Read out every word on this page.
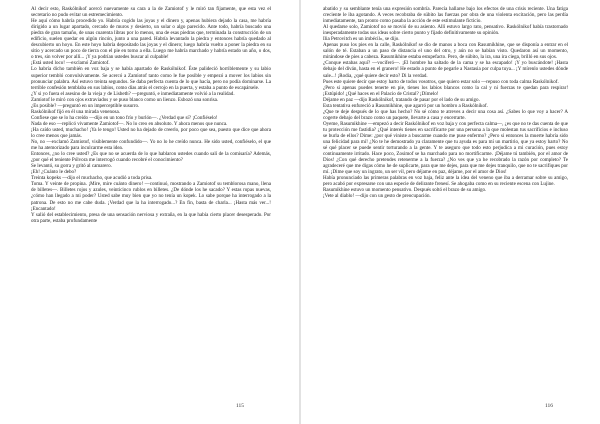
Al decir esto, Raskólnikof acercó nuevamente su cara a la de Zamiotof y le miró tan fijamente, que esta vez el secretario no pudo evitar un estremecimiento.

He aquí cómo habría procedido yo. Habría cogido las joyas y el dinero y, apenas hubiera dejado la casa, me habría dirigido a un lugar apartado, cercado de muros y desierto, un solar o algo parecido. Ante todo, habría buscado una piedra de gran tamaño, de unas cuarenta libras por lo menos, una de esas piedras que, terminada la construcción de un edificio, suelen quedar en algún rincón, junto a una pared. Habría levantado la piedra y entonces habría quedado al descubierto un hoyo. En este hoyo habría depositado las joyas y el dinero; luego habría vuelto a poner la piedra en su sitio y acercado un poco de tierra con el pie en torno a ella. Luego me habría marchado y habría estado un año, o dos, o tres, sin volver por allí... ¡Y ya podrían ustedes buscar al culpable!

¡Está usted loco! —exclamó Zamiotof.

Lo habría dicho también en voz baja y se había apartado de Raskólnikof. Éste palideció horriblemente y su labio superior tembló convulsivamente. Se acercó a Zamiotof tanto como le fue posible y empezó a mover los labios sin pronunciar palabra. Así estuvo treinta segundos. Se daba perfecta cuenta de lo que hacía, pero no podía dominarse. La terrible confesión temblaba en sus labios, como días atrás el cerrojo en la puerta, y estaba a punto de escapársele.

¿Y si yo fuera el asesino de la vieja y de Lisbeth? —preguntó, e inmediatamente volvió a la realidad.

Zamiotof le miró con ojos extraviados y se puso blanco como un lienzo. Esbozó una sonrisa.

¿Es posible? —preguntó en un imperceptible susurro.

Raskólnikof fijó en él una mirada venenosa.

Confiese que se lo ha creído —dijo en un tono frío y burlón—. ¿Verdad que sí? ¡Confiéselo!

Nada de eso —replicó vivamente Zamiotof—. No lo creo en absoluto. Y ahora menos que nunca.

¡Ha caído usted, muchacho! ¡Ya le tengo! Usted no ha dejado de creerlo, por poco que sea, puesto que dice que ahora lo cree menos que jamás.

No, no —exclamó Zamiotof, visiblemente confundido—. Yo no lo he creído nunca. He sido usted, confiéselo, el que me ha atemorizado para inculcarme esta idea.

Entonces, ¿no lo cree usted? ¿Es que no se acuerda de lo que hablaron ustedes cuando salí de la comisaría? Además, ¿por qué el teniente Pólvora me interrogó cuando recobré el conocimiento?

Se levantó, su gorra y gritó al camarero.

¡Eh! ¿Cuánto le debo?

Treinta kopeks —dijo el muchacho, que acudió a toda prisa.

Toma. Y veinte de propina. ¡Mire, mire cuánto dinero! —continuó, mostrando a Zamiotof su temblorosa mano, llena de billetes—. Billetes rojos y azules, veinticinco rublos en billetes. ¿De dónde los he sacado? Y estas ropas nuevas, ¿cómo han llegado a mi poder? Usted sabe muy bien que yo no tenía un kopek. Lo sabe porque ha interrogado a la patrona. De esto no me cabe duda. ¡Verdad que la ha interrogado...? En fin, basta de charla... ¡Hasta más ver...! ¡Encantado!

Y salió del establecimiento, presa de una sensación nerviosa y extraña, en la que había cierto placer desesperado. Por otra parte, estaba profundamente

115

abatido y su semblante tenía una expresión sombría. Parecía hallarse bajo los efectos de una crisis reciente. Una fatiga creciente le iba agotando. A veces recobraba de súbito las fuerzas por obra de una violenta excitación, pero las perdía inmediatamente, tan pronto como pasaba la acción de este estimulante ficticio.

Al quedarse solo, Zamiotof no se movió de su asiento. Allí estuvo largo rato, pensativo. Raskólnikof había trastornado inesperadamente todas sus ideas sobre cierto punto y fijado definitivamente su opinión.

Ilia Petrovitch es un imbécil», se dijo.

Apenas puso los pies en la calle, Raskólnikof se dio de manos a boca con Rasumikhine, que se disponía a entrar en el salón de té. Estaban a un paso de distancia el uno del otro, y aún no se habían visto. Quedaron así un momento, mirándose de pies a cabeza. Rasumikhine estaba estupefacto. Pero, de súbito, la ira, una ira ciega, brilló en sus ojos.

¿Conque estabas aquí? —vociferó—. ¡El hombre ha saltado de la cama y se ha escapado! ¡Y yo buscándote! ¡Hasta debajo del diván, hasta en el granero! He estado a punto de pegarle a Nastasia por culpa tuya... ¡Y mírenlo ustedes dónde sale...! ¡Rodia, ¿qué quiere decir esto? Di la verdad.

Pues este quiere decir que estoy harto de todos vosotros, que quiero estar solo —repuso con toda calma Raskólnikof.

¿Pero si apenas puedes tenerte en pie, tienes los labios blancos como la cal y ni fuerzas te quedan para respirar! ¡Estúpido! ¿Qué haces en el Palacio de Cristal? ¡Dímelo!

Déjame en paz —dijo Raskólnikof, tratando de pasar por el lado de su amigo.

Esta tentativa enfureció a Rasumikhine, que agarró por un hombro a Raskólnikof.

¿Que te deje después de lo que has hecho? No sé cómo te atreves a decir una cosa así. ¿Sabes lo que voy a hacer? A cogerte debajo del brazo como un paquete, llevarte a casa y encerrarte.

Oyeme, Rasumikhine —empezó a decir Raskólnikof en voz baja y con perfecta calma—, ¿es que no te das cuenta de que tu protección me fastidia? ¿Qué interés tienes en sacrificarte por una persona a la que molestan tus sacrificios e incluso se burla de ellos? Dime: ¿por qué viniste a buscarme cuando me puse enfermo? ¿Pero si entonces la muerte habría sido una felicidad para mí! ¿No te he demostrado ya claramente que tu ayuda es para mí un martirio, que ya estoy harto? No sé qué placer se puede sentir torturando a la gente. Y te aseguro que todo esto perjudica a mi curación, pues estoy continuamente irritado. Hace poco, Zosimof se ha marchado para no mortificarme. ¡Déjame tú también, por el amor de Dios! ¿Con qué derecho pretendes retenerme a la fuerza? ¿No ves que ya he recobrado la razón por completo? Te agradeceré que me digas cómo he de suplicarte, para que me dejes, para que me dejes tranquilo, que no te sacrifiques por mí. ¡Dime que soy un ingrato, un ser vil, pero déjame en paz, déjame, por el amor de Dios!

Había pronunciado las primeras palabras en voz baja, feliz ante la idea del veneno que iba a derramar sobre su amigo, pero acabó por expresarse con una especie de delirante frenesí. Se ahogaba como en su reciente escena con Lujine.

Rasumikhine estuvo un momento pensativo. Después soltó el brazo de su amigo.

¡Vete al diablo! —dijo con un gesto de preocupación.

116
